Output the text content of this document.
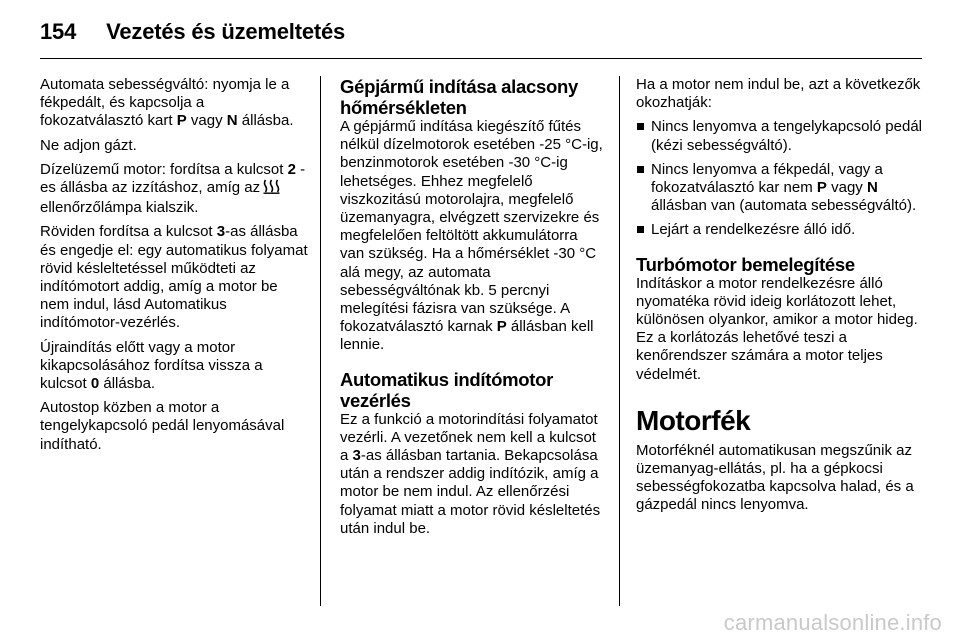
154 Vezetés és üzemeltetés

Automata sebességváltó: nyomja le a fékpedált, és kapcsolja a fokozatválasztó kart P vagy N állásba.

Ne adjon gázt.

Dízelüzemű motor: fordítsa a kulcsot 2 - es állásba az izzításhoz, amíg azellenőrzőlámpa kialszik.

Röviden fordítsa a kulcsot 3-as állásba és engedje el: egy automatikus folyamat rövid késleltetéssel működteti az indítómotort addig, amíg a motor be nem indul, lásd Automatikus indítómotor-vezérlés.

Újraindítás előtt vagy a motor kikapcsolásához fordítsa vissza a kulcsot 0 állásba.

Autostop közben a motor a tengelykapcsoló pedál lenyomásával indítható.

Gépjármű indítása alacsony hőmérsékleten

A gépjármű indítása kiegészítő fűtés nélkül dízelmotorok esetében -25 °C-ig, benzinmotorok esetében -30 °C-ig lehetséges. Ehhez megfelelő viszkozitású motorolajra, megfelelő üzemanyagra, elvégzett szervizekre és megfelelően feltöltött akkumulátorra van szükség. Ha a hőmérséklet -30 °C alá megy, az automata sebességváltónak kb. 5 percnyi melegítési fázisra van szüksége. A fokozatválasztó karnak P állásban kell lennie.

Automatikus indítómotor vezérlés

Ez a funkció a motorindítási folyamatot vezérli. A vezetőnek nem kell a kulcsot a 3-as állásban tartania. Bekapcsolása után a rendszer addig indítózik, amíg a motor be nem indul. Az ellenőrzési folyamat miatt a motor rövid késleltetés után indul be.

Ha a motor nem indul be, azt a következők okozhatják:

Nincs lenyomva a tengelykapcsoló pedál (kézi sebességváltó).
Nincs lenyomva a fékpedál, vagy a fokozatválasztó kar nem P vagy N állásban van (automata sebességváltó).
Lejárt a rendelkezésre álló idő.
Turbómotor bemelegítése

Indításkor a motor rendelkezésre álló nyomatéka rövid ideig korlátozott lehet, különösen olyankor, amikor a motor hideg. Ez a korlátozás lehetővé teszi a kenőrendszer számára a motor teljes védelmét.

Motorfék

Motorféknél automatikusan megszűnik az üzemanyag-ellátás, pl. ha a gépkocsi sebességfokozatba kapcsolva halad, és a gázpedál nincs lenyomva.

carmanualsonline.info
